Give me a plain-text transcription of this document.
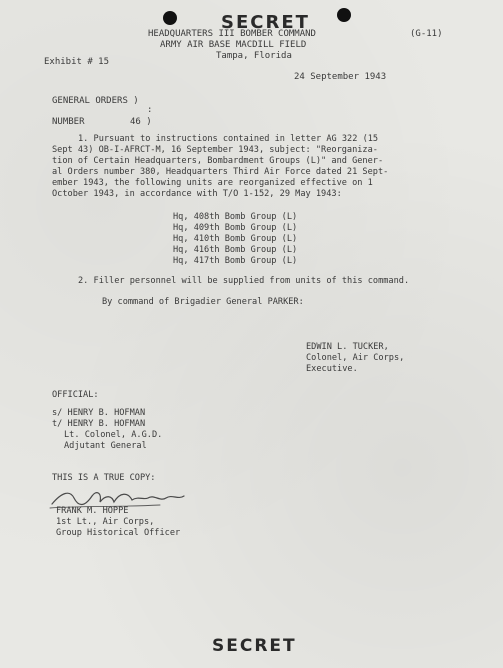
SECRET
HEADQUARTERS III BOMBER COMMAND	(G-11)
ARMY AIR BASE MACDILL FIELD
Tampa, Florida
Exhibit # 15
24 September 1943
GENERAL ORDERS )
:
NUMBER	46 )
1. Pursuant to instructions contained in letter AG 322 (15
Sept 43) OB-I-AFRCT-M, 16 September 1943, subject: "Reorganiza-
tion of Certain Headquarters, Bombardment Groups (L)" and Gener-
al Orders number 380, Headquarters Third Air Force dated 21 Sept-
ember 1943, the following units are reorganized effective on 1
October 1943, in accordance with T/O 1-152, 29 May 1943:
Hq, 408th Bomb Group (L)
Hq, 409th Bomb Group (L)
Hq, 410th Bomb Group (L)
Hq, 416th Bomb Group (L)
Hq, 417th Bomb Group (L)
2. Filler personnel will be supplied from units of this command.
By command of Brigadier General PARKER:
EDWIN L. TUCKER,
Colonel, Air Corps,
Executive.
OFFICIAL:
s/ HENRY B. HOFMAN
t/ HENRY B. HOFMAN
Lt. Colonel, A.G.D.
Adjutant General
THIS IS A TRUE COPY:
FRANK M. HOPPE
1st Lt., Air Corps,
Group Historical Officer
SECRET
